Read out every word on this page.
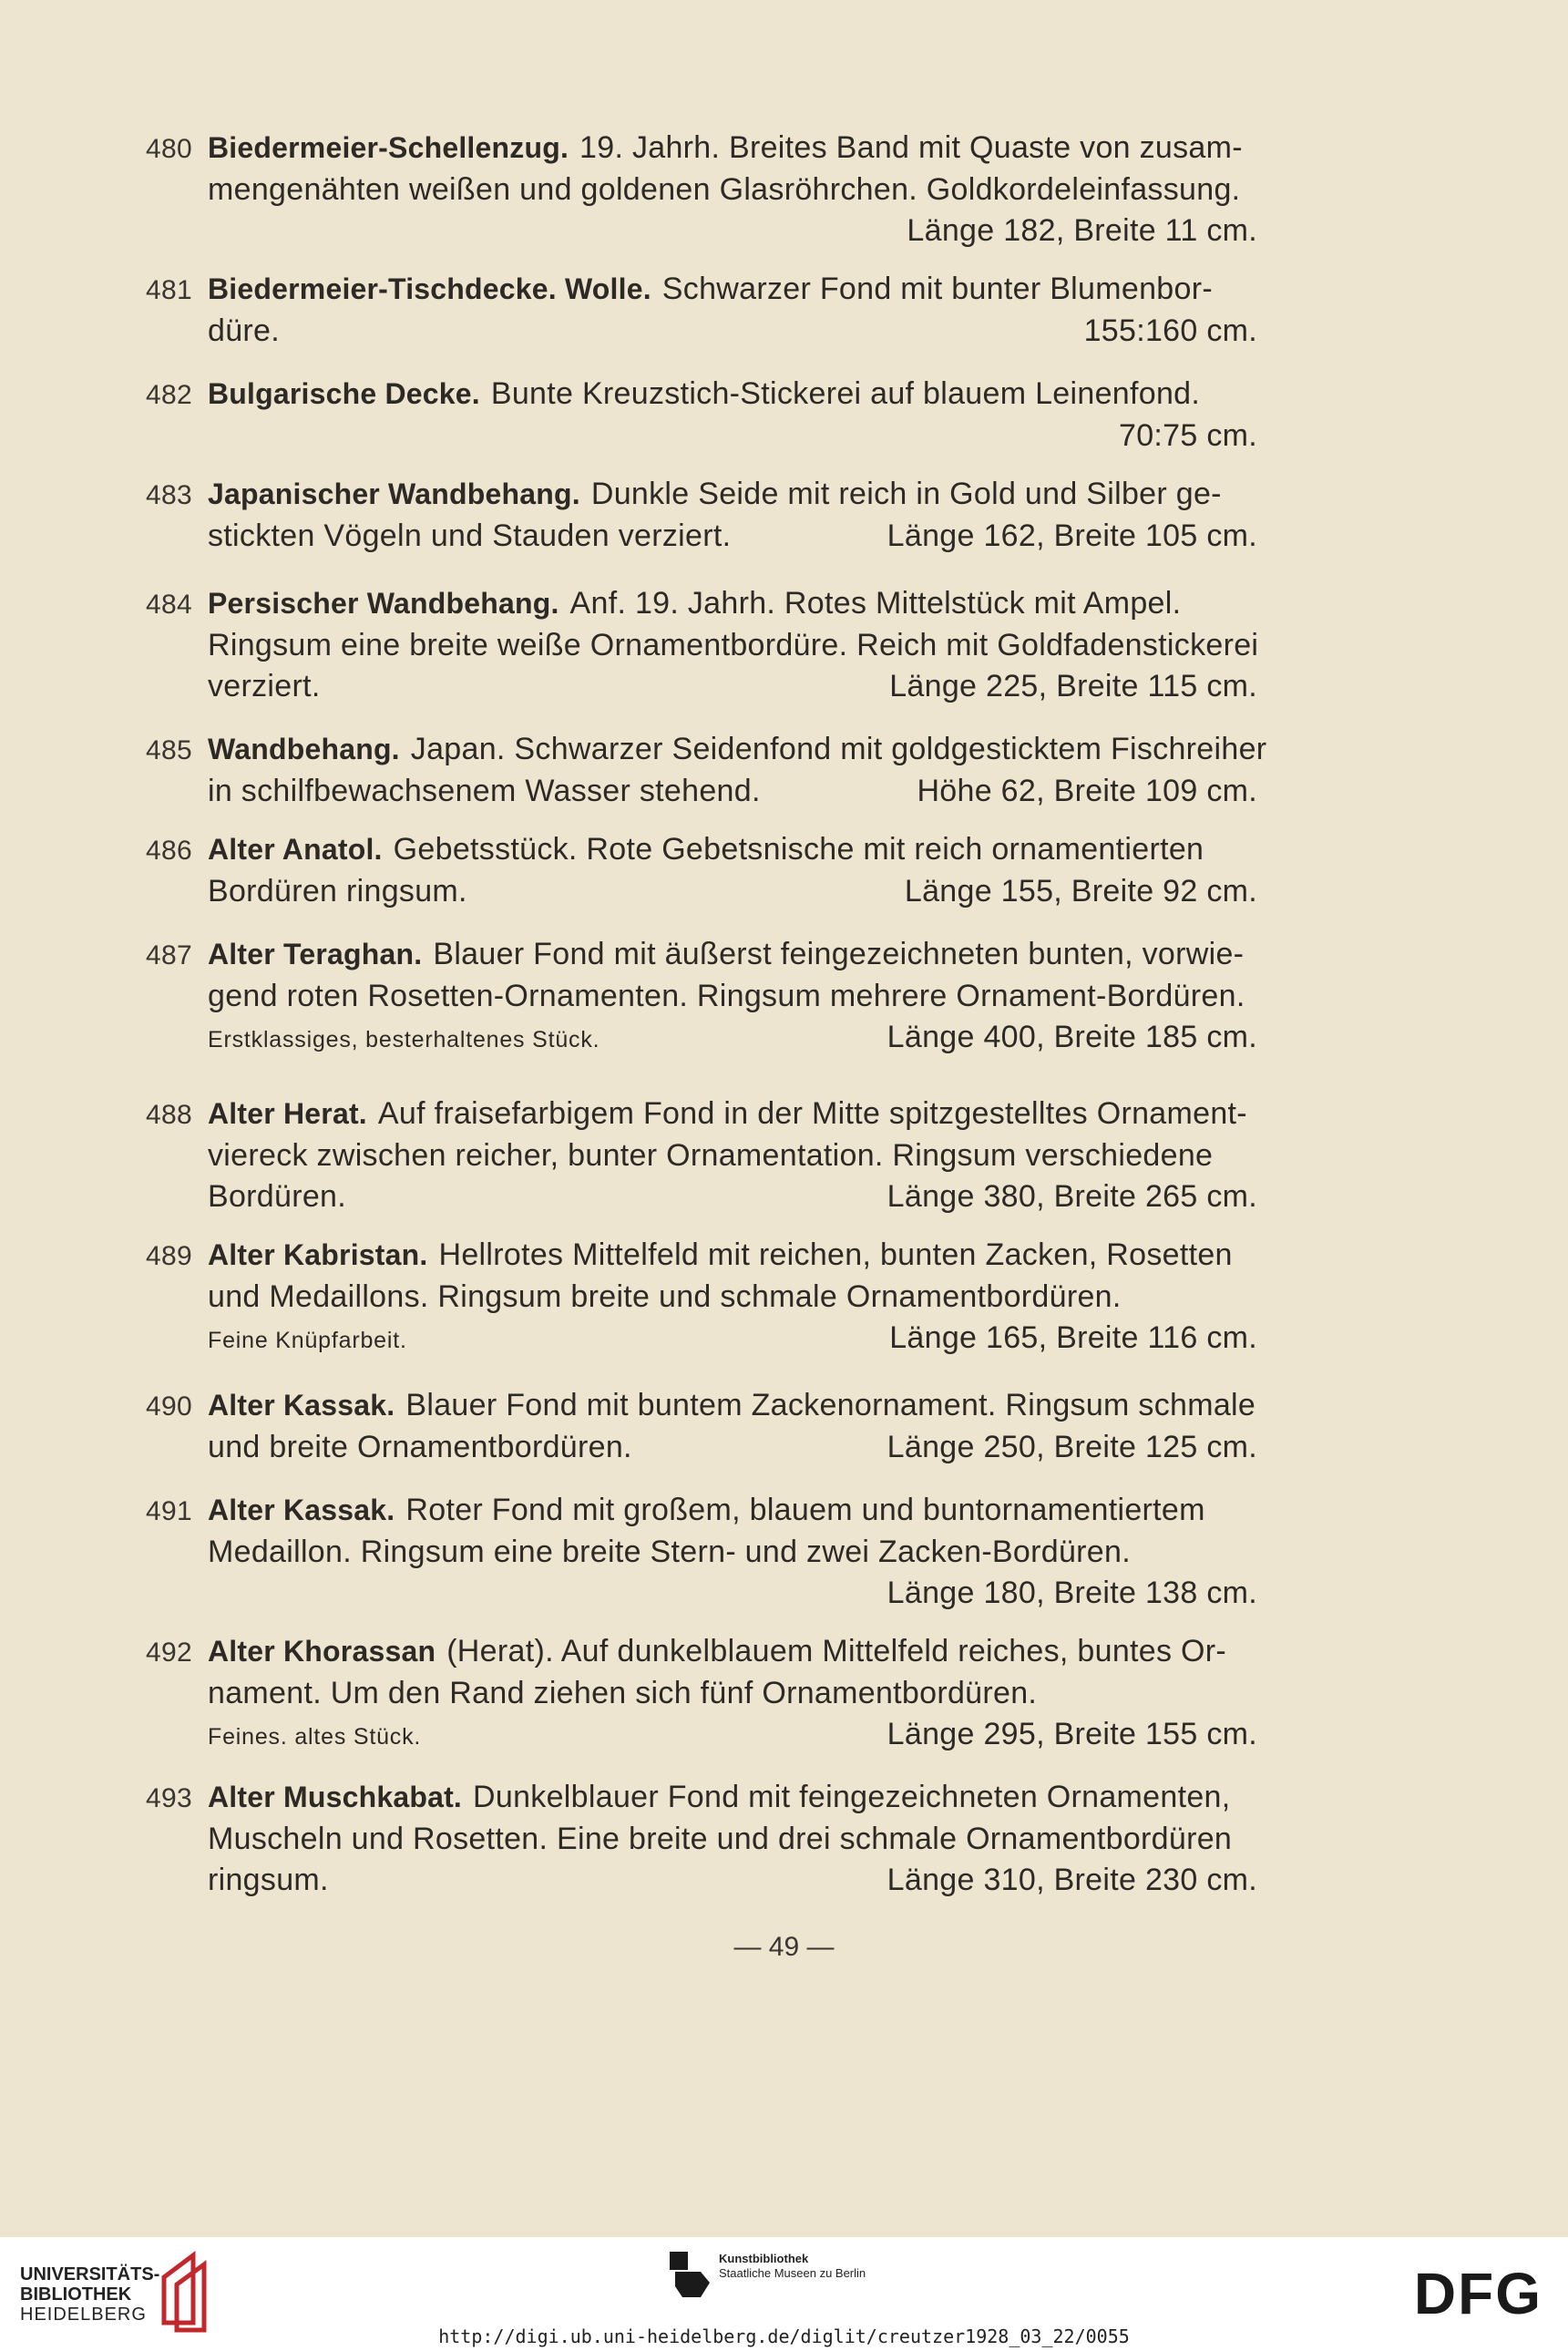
480 Biedermeier-Schellenzug. 19. Jahrh. Breites Band mit Quaste von zusam-
mengenähten weißen und goldenen Glasröhrchen. Goldkordeleinfassung.
Länge 182, Breite 11 cm.
481 Biedermeier-Tischdecke. Wolle. Schwarzer Fond mit bunter Blumenbor-
düre.	155:160 cm.
482 Bulgarische Decke. Bunte Kreuzstich-Stickerei auf blauem Leinenfond.
70:75 cm.
483 Japanischer Wandbehang. Dunkle Seide mit reich in Gold und Silber ge-
stickten Vögeln und Stauden verziert.	Länge 162, Breite 105 cm.
484 Persischer Wandbehang. Anf. 19. Jahrh. Rotes Mittelstück mit Ampel.
Ringsum eine breite weiße Ornamentbordüre. Reich mit Goldfadenstickerei
verziert.	Länge 225, Breite 115 cm.
485 Wandbehang. Japan. Schwarzer Seidenfond mit goldgesticktem Fischreiher
in schilfbewachsenem Wasser stehend.	Höhe 62, Breite 109 cm.
486 Alter Anatol. Gebetsstück. Rote Gebetsnische mit reich ornamentierten
Bordüren ringsum.	Länge 155, Breite 92 cm.
487 Alter Teraghan. Blauer Fond mit äußerst feingezeichneten bunten, vorwie-
gend roten Rosetten-Ornamenten. Ringsum mehrere Ornament-Bordüren.
Erstklassiges, besterhaltenes Stück.	Länge 400, Breite 185 cm.
488 Alter Herat. Auf fraisefarbigem Fond in der Mitte spitzgestelltes Ornament-
viereck zwischen reicher, bunter Ornamentation. Ringsum verschiedene
Bordüren.	Länge 380, Breite 265 cm.
489 Alter Kabristan. Hellrotes Mittelfeld mit reichen, bunten Zacken, Rosetten
und Medaillons. Ringsum breite und schmale Ornamentbordüren.
Feine Knüpfarbeit.	Länge 165, Breite 116 cm.
490 Alter Kassak. Blauer Fond mit buntem Zackenornament. Ringsum schmale
und breite Ornamentbordüren.	Länge 250, Breite 125 cm.
491 Alter Kassak. Roter Fond mit großem, blauem und buntornamentiertem
Medaillon. Ringsum eine breite Stern- und zwei Zacken-Bordüren.
Länge 180, Breite 138 cm.
492 Alter Khorassan (Herat). Auf dunkelblauem Mittelfeld reiches, buntes Or-
nament. Um den Rand ziehen sich fünf Ornamentbordüren.
Feines. altes Stück.	Länge 295, Breite 155 cm.
493 Alter Muschkabat. Dunkelblauer Fond mit feingezeichneten Ornamenten,
Muscheln und Rosetten. Eine breite und drei schmale Ornamentbordüren
ringsum.	Länge 310, Breite 230 cm.
— 49 —
UNIVERSITÄTS-
BIBLIOTHEK
HEIDELBERG
Kunstbibliothek
Staatliche Museen zu Berlin
http://digi.ub.uni-heidelberg.de/diglit/creutzer1928_03_22/0055
DFG
